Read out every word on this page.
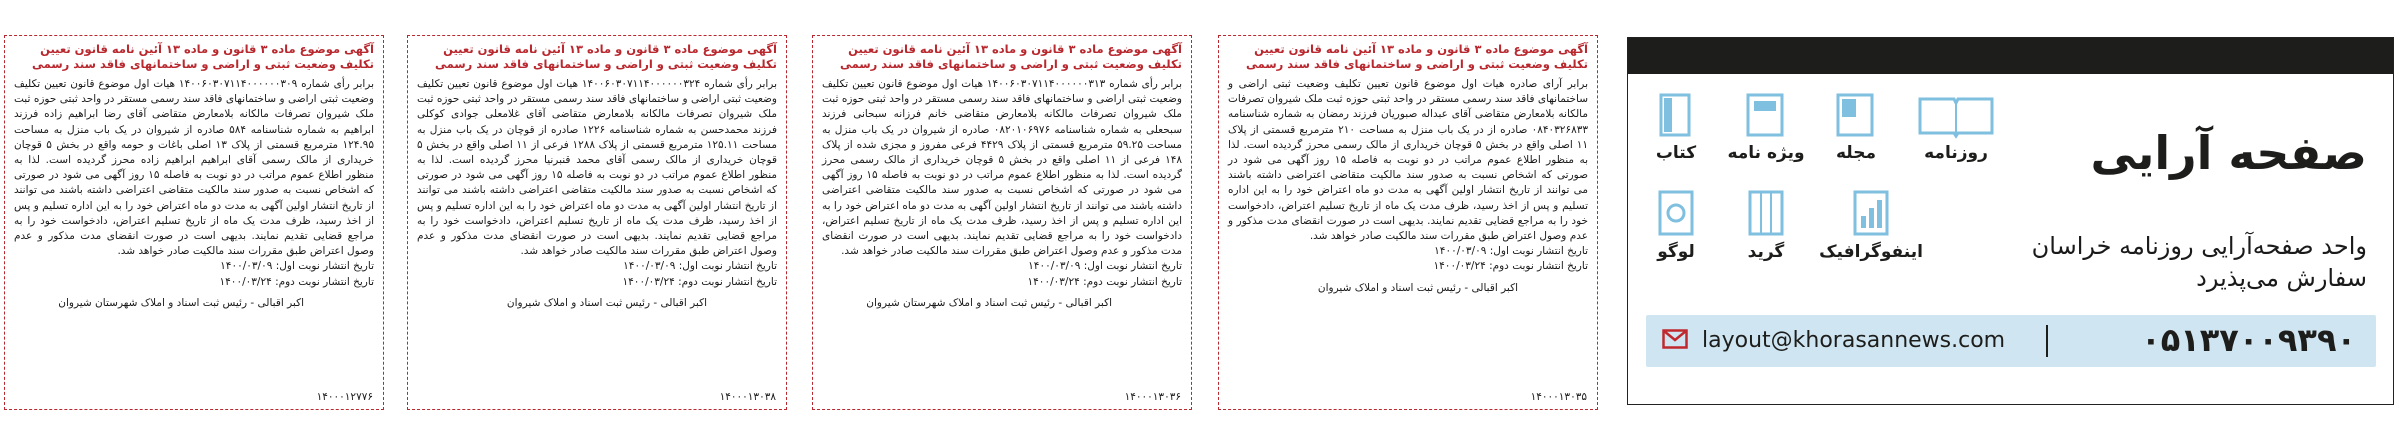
آگهی موضوع ماده ۳ قانون و ماده ۱۳ آئین نامه قانون تعیین تکلیف وضعیت ثبتی و اراضی و ساختمانهای فاقد سند رسمی
برابر آرای صادره هیات اول موضوع قانون تعیین تکلیف وضعیت ثبتی اراضی و ساختمانهای فاقد سند رسمی مستقر در واحد ثبتی حوزه ثبت ملک شیروان تصرفات مالکانه بلامعارض متقاضی آقای عبداله صبوریان فرزند رمضان به شماره شناسنامه ۰۸۴۰۳۲۶۸۳۳ صادره از در یک باب منزل به مساحت ۲۱۰ مترمربع قسمتی از پلاک ۱۱ اصلی واقع در بخش ۵ قوچان خریداری از مالک رسمی محرز گردیده است. لذا به منظور اطلاع عموم مراتب در دو نوبت به فاصله ۱۵ روز آگهی می شود در صورتی که اشخاص نسبت به صدور سند مالکیت متقاضی اعتراضی داشته باشند می توانند از تاریخ انتشار اولین آگهی به مدت دو ماه اعتراض خود را به این اداره تسلیم و پس از اخذ رسید، ظرف مدت یک ماه از تاریخ تسلیم اعتراض، دادخواست خود را به مراجع قضایی تقدیم نمایند. بدیهی است در صورت انقضای مدت مذکور و عدم وصول اعتراض طبق مقررات سند مالکیت صادر خواهد شد.
تاریخ انتشار نوبت اول: ۱۴۰۰/۰۳/۰۹
تاریخ انتشار نوبت دوم: ۱۴۰۰/۰۳/۲۴
اکبر اقبالی - رئیس ثبت اسناد و املاک شیروان
۱۴۰۰۰۱۳۰۳۵
آگهی موضوع ماده ۳ قانون و ماده ۱۳ آئین نامه قانون تعیین تکلیف وضعیت ثبتی و اراضی و ساختمانهای فاقد سند رسمی
برابر رأی شماره ۱۴۰۰۶۰۳۰۷۱۱۴۰۰۰۰۰۰۳۱۳ هیات اول موضوع قانون تعیین تکلیف وضعیت ثبتی اراضی و ساختمانهای فاقد سند رسمی مستقر در واحد ثبتی حوزه ثبت ملک شیروان تصرفات مالکانه بلامعارض متقاضی خانم فرزانه سبحانی فرزند سبحعلی به شماره شناسنامه ۰۸۲۰۱۰۶۹۷۶ صادره از شیروان در یک باب منزل به مساحت ۵۹.۲۵ مترمربع قسمتی از پلاک ۴۴۲۹ فرعی مفروز و مجزی شده از پلاک ۱۴۸ فرعی از ۱۱ اصلی واقع در بخش ۵ قوچان خریداری از مالک رسمی محرز گردیده است. لذا به منظور اطلاع عموم مراتب در دو نوبت به فاصله ۱۵ روز آگهی می شود در صورتی که اشخاص نسبت به صدور سند مالکیت متقاضی اعتراضی داشته باشند می توانند از تاریخ انتشار اولین آگهی به مدت دو ماه اعتراض خود را به این اداره تسلیم و پس از اخذ رسید، ظرف مدت یک ماه از تاریخ تسلیم اعتراض، دادخواست خود را به مراجع قضایی تقدیم نمایند. بدیهی است در صورت انقضای مدت مذکور و عدم وصول اعتراض طبق مقررات سند مالکیت صادر خواهد شد.
تاریخ انتشار نوبت اول: ۱۴۰۰/۰۳/۰۹
تاریخ انتشار نوبت دوم: ۱۴۰۰/۰۳/۲۴
اکبر اقبالی - رئیس ثبت اسناد و املاک شهرستان شیروان
۱۴۰۰۰۱۳۰۳۶
آگهی موضوع ماده ۳ قانون و ماده ۱۳ آئین نامه قانون تعیین تکلیف وضعیت ثبتی و اراضی و ساختمانهای فاقد سند رسمی
برابر رأی شماره ۱۴۰۰۶۰۳۰۷۱۱۴۰۰۰۰۰۰۳۲۴ هیات اول موضوع قانون تعیین تکلیف وضعیت ثبتی اراضی و ساختمانهای فاقد سند رسمی مستقر در واحد ثبتی حوزه ثبت ملک شیروان تصرفات مالکانه بلامعارض متقاضی آقای غلامعلی جوادی کوکلی فرزند محمدحسن به شماره شناسنامه ۱۲۲۶ صادره از قوچان در یک باب منزل به مساحت ۱۲۵.۱۱ مترمربع قسمتی از پلاک ۱۲۸۸ فرعی از ۱۱ اصلی واقع در بخش ۵ قوچان خریداری از مالک رسمی آقای محمد قنبرنیا محرز گردیده است. لذا به منظور اطلاع عموم مراتب در دو نوبت به فاصله ۱۵ روز آگهی می شود در صورتی که اشخاص نسبت به صدور سند مالکیت متقاضی اعتراضی داشته باشند می توانند از تاریخ انتشار اولین آگهی به مدت دو ماه اعتراض خود را به این اداره تسلیم و پس از اخذ رسید، ظرف مدت یک ماه از تاریخ تسلیم اعتراض، دادخواست خود را به مراجع قضایی تقدیم نمایند. بدیهی است در صورت انقضای مدت مذکور و عدم وصول اعتراض طبق مقررات سند مالکیت صادر خواهد شد.
تاریخ انتشار نوبت اول: ۱۴۰۰/۰۳/۰۹
تاریخ انتشار نوبت دوم: ۱۴۰۰/۰۳/۲۴
اکبر اقبالی - رئیس ثبت اسناد و املاک شیروان
۱۴۰۰۰۱۳۰۳۸
آگهی موضوع ماده ۳ قانون و ماده ۱۳ آئین نامه قانون تعیین تکلیف وضعیت ثبتی و اراضی و ساختمانهای فاقد سند رسمی
برابر رأی شماره ۱۴۰۰۶۰۳۰۷۱۱۴۰۰۰۰۰۰۳۰۹ هیات اول موضوع قانون تعیین تکلیف وضعیت ثبتی اراضی و ساختمانهای فاقد سند رسمی مستقر در واحد ثبتی حوزه ثبت ملک شیروان تصرفات مالکانه بلامعارض متقاضی آقای رضا ابراهیم زاده فرزند ابراهیم به شماره شناسنامه ۵۸۴ صادره از شیروان در یک باب منزل به مساحت ۱۲۴.۹۵ مترمربع قسمتی از پلاک ۱۳ اصلی باغات و حومه واقع در بخش ۵ قوچان خریداری از مالک رسمی آقای ابراهیم ابراهیم زاده محرز گردیده است. لذا به منظور اطلاع عموم مراتب در دو نوبت به فاصله ۱۵ روز آگهی می شود در صورتی که اشخاص نسبت به صدور سند مالکیت متقاضی اعتراضی داشته باشند می توانند از تاریخ انتشار اولین آگهی به مدت دو ماه اعتراض خود را به این اداره تسلیم و پس از اخذ رسید، ظرف مدت یک ماه از تاریخ تسلیم اعتراض، دادخواست خود را به مراجع قضایی تقدیم نمایند. بدیهی است در صورت انقضای مدت مذکور و عدم وصول اعتراض طبق مقررات سند مالکیت صادر خواهد شد.
تاریخ انتشار نوبت اول: ۱۴۰۰/۰۳/۰۹
تاریخ انتشار نوبت دوم: ۱۴۰۰/۰۳/۲۴
اکبر اقبالی - رئیس ثبت اسناد و املاک شهرستان شیروان
۱۴۰۰۰۱۲۷۷۶
صفحه آرایی
واحد صفحه‌آرایی روزنامه خراسان
سفارش می‌پذیرد
کتاب	ویژه نامه	مجله	روزنامه
لوگو	گرید	اینفوگرافیک
layout@khorasannews.com	۰۵۱۳۷۰۰۹۳۹۰
